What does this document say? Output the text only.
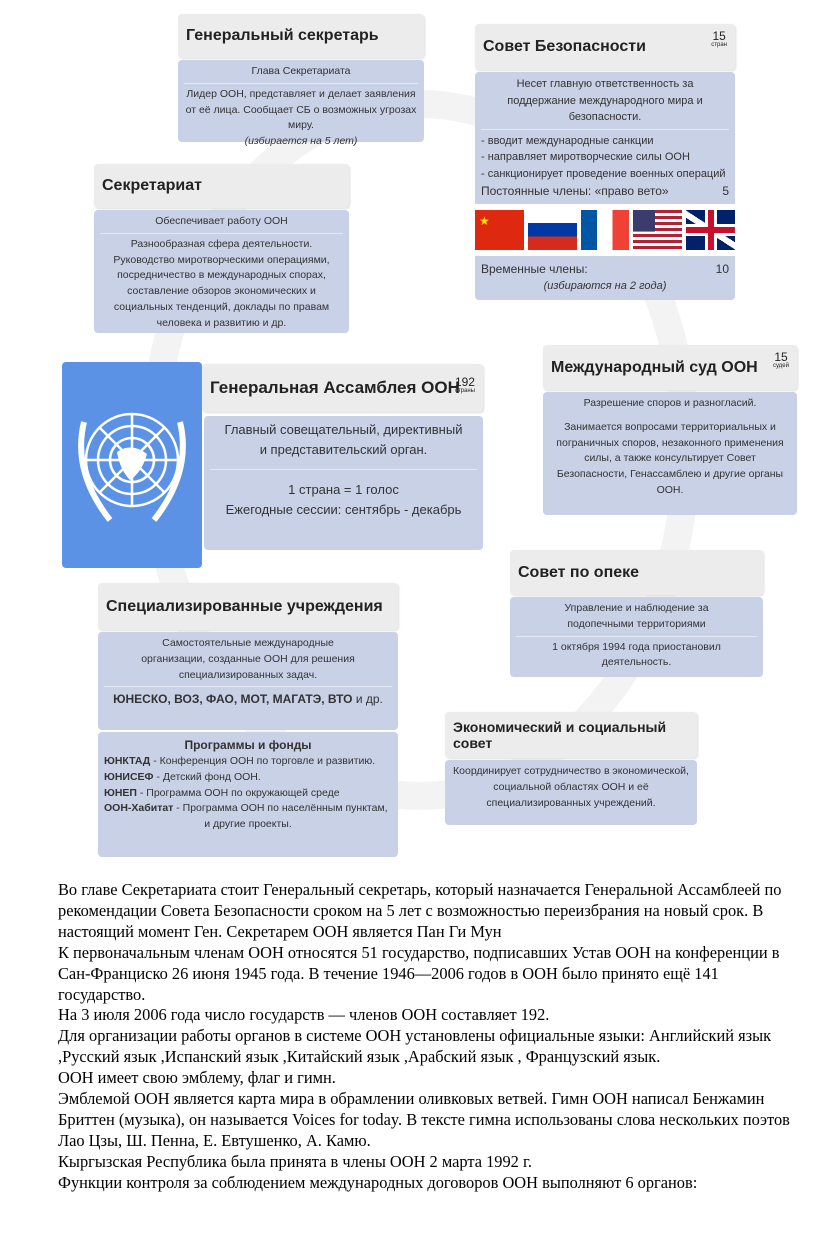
Генеральный секретарь
Глава Секретариата
Лидер ООН, представляет и делает заявления от её лица. Сообщает СБ о возможных угрозах миру.
(избирается на 5 лет)
Совет Безопасности
15
стран
Несет главную ответственность за поддержание международного мира и безопасности.
- вводит международные санкции
- направляет миротворческие силы ООН
- санкционирует проведение военных операций
Постоянные члены: «право вето»	5
★
Временные члены:	10
(избираются на 2 года)
Секретариат
Обеспечивает работу ООН
Разнообразная сфера деятельности. Руководство миротворческими операциями, посредничество в международных спорах, составление обзоров экономических и социальных тенденций, доклады по правам человека и развитию и др.
Генеральная Ассамблея ООН
192
страны
Главный совещательный, директивный и представительский орган.
1 страна = 1 голос
Ежегодные сессии: сентябрь - декабрь
Международный суд ООН
15
судей
Разрешение споров и разногласий.
Занимается вопросами территориальных и пограничных споров, незаконного применения силы, а также консультирует Совет Безопасности, Генассамблею и другие органы ООН.
Совет по опеке
Управление и наблюдение за подопечными территориями
1 октября 1994 года приостановил деятельность.
Специализированные учреждения
Самостоятельные международные организации, созданные ООН для решения специализированных задач.
ЮНЕСКО, ВОЗ, ФАО, МОТ, МАГАТЭ, ВТО и др.
Программы и фонды
ЮНКТАД - Конференция ООН по торговле и развитию.
ЮНИСЕФ - Детский фонд ООН.
ЮНЕП - Программа ООН по окружающей среде
ООН-Хабитат - Программа ООН по населённым пунктам,
и другие проекты.
Экономический и социальный совет
Координирует сотрудничество в экономической, социальной областях ООН и её специализированных учреждений.

Во главе Секретариата стоит Генеральный секретарь, который назначается Генеральной Ассамблеей по рекомендации Совета Безопасности сроком на 5 лет с возможностью переизбрания на новый срок. В настоящий момент Ген. Секретарем ООН является Пан Ги Мун

К первоначальным членам ООН относятся 51 государство, подписавших Устав ООН на конференции в Сан-Франциско 26 июня 1945 года. В течение 1946—2006 годов в ООН было принято ещё 141 государство.

На 3 июля 2006 года число государств — членов ООН составляет 192.

Для организации работы органов в системе ООН установлены официальные языки: Английский язык ,Русский язык ,Испанский язык ,Китайский язык ,Арабский язык , Французский язык.

ООН имеет свою эмблему, флаг и гимн.

Эмблемой ООН является карта мира в обрамлении оливковых ветвей. Гимн ООН написал Бенжамин Бриттен (музыка), он называется Voices for today. В тексте гимна использованы слова нескольких поэтов Лао Цзы, Ш. Пенна, Е. Евтушенко, А. Камю.

Кыргызская Республика была принята в члены ООН 2 марта 1992 г.

Функции контроля за соблюдением международных договоров ООН выполняют 6 органов:
